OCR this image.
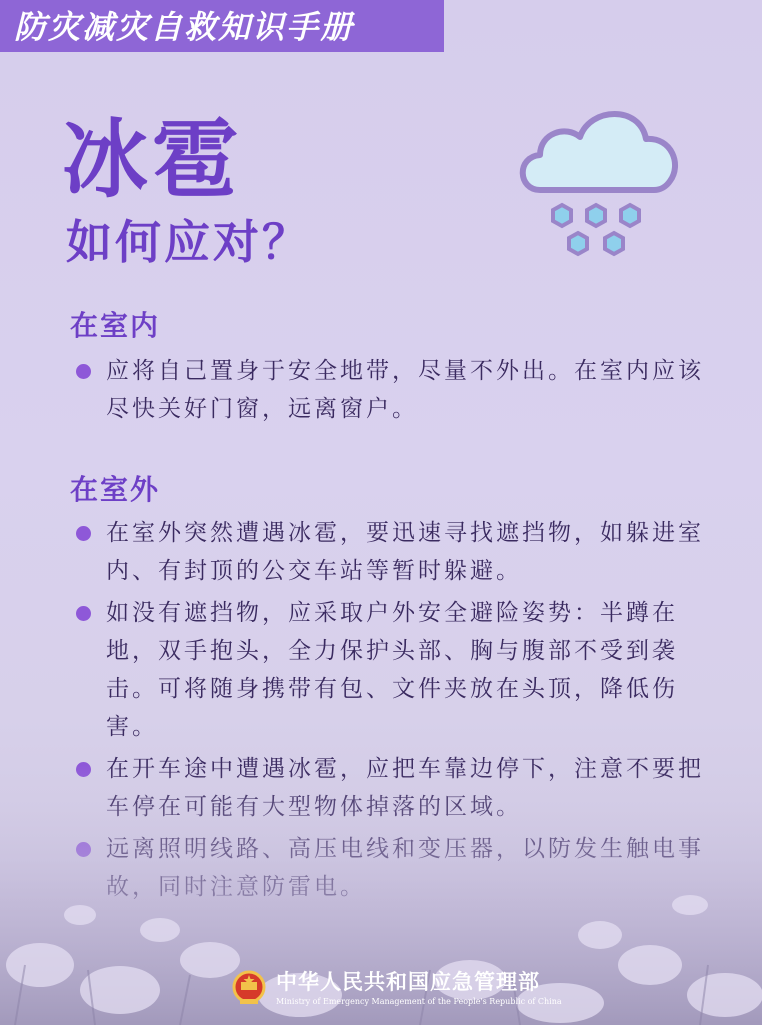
防灾减灾自救知识手册
冰雹
如何应对？
在室内
应将自己置身于安全地带，尽量不外出。在室内应该尽快关好门窗，远离窗户。
在室外
在室外突然遭遇冰雹，要迅速寻找遮挡物，如躲进室内、有封顶的公交车站等暂时躲避。
如没有遮挡物，应采取户外安全避险姿势：半蹲在地，双手抱头，全力保护头部、胸与腹部不受到袭击。可将随身携带有包、文件夹放在头顶，降低伤害。
中华人民共和国应急管理部
Ministry of Emergency Management of the People's Republic of China
